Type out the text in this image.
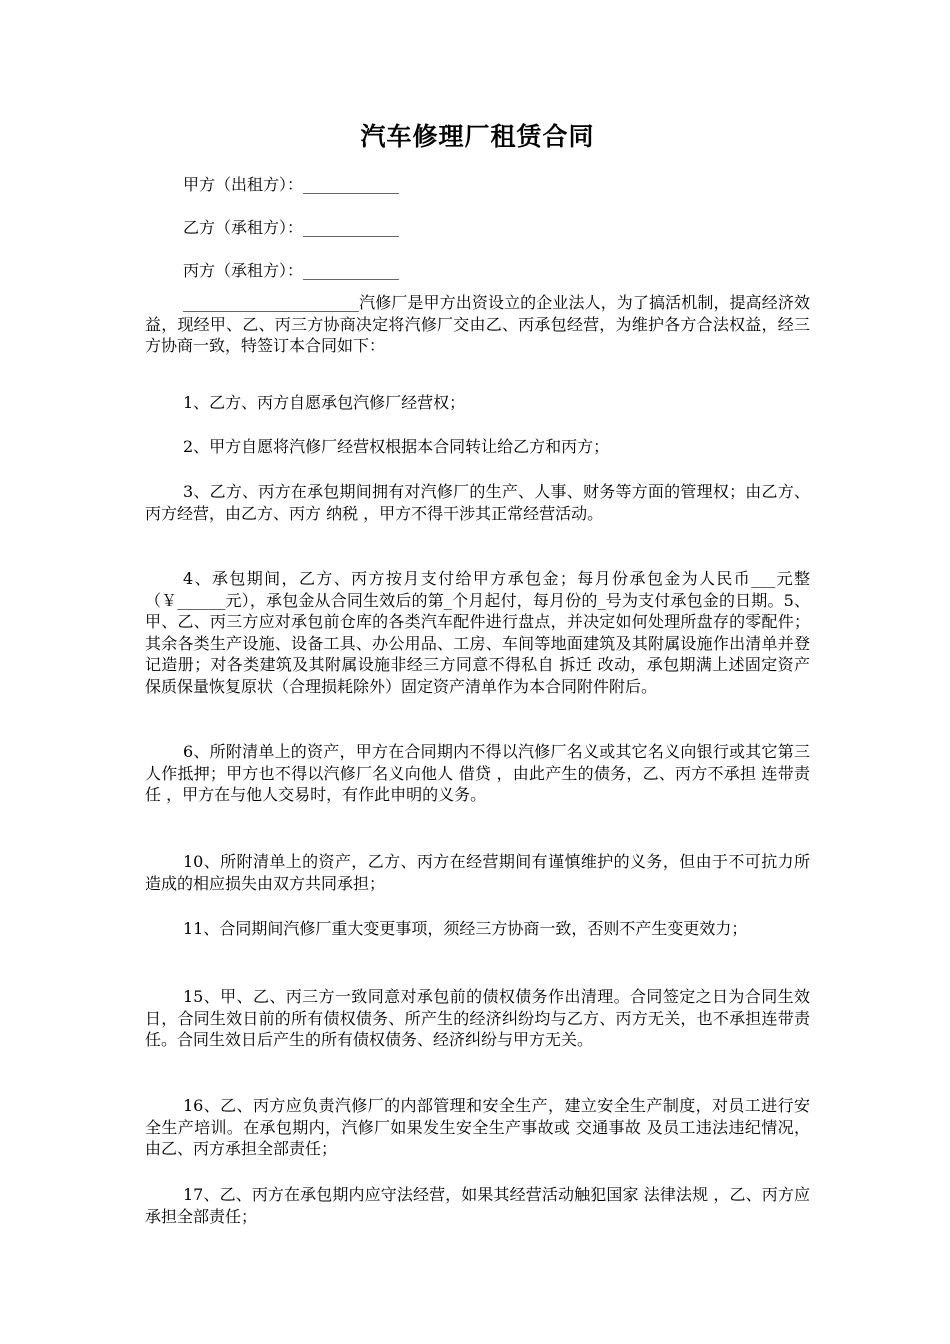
汽车修理厂租赁合同
甲方（出租方）：____________
乙方（承租方）：____________
丙方（承租方）：____________

______________________汽修厂是甲方出资设立的企业法人，为了搞活机制，提高经济效益，现经甲、乙、丙三方协商决定将汽修厂交由乙、丙承包经营，为维护各方合法权益，经三方协商一致，特签订本合同如下：

1、乙方、丙方自愿承包汽修厂经营权；

2、甲方自愿将汽修厂经营权根据本合同转让给乙方和丙方；

3、乙方、丙方在承包期间拥有对汽修厂的生产、人事、财务等方面的管理权；由乙方、丙方经营，由乙方、丙方 纳税 ，甲方不得干涉其正常经营活动。

4、承包期间，乙方、丙方按月支付给甲方承包金；每月份承包金为人民币___元整（￥______元），承包金从合同生效后的第_个月起付，每月份的_号为支付承包金的日期。5、甲、乙、丙三方应对承包前仓库的各类汽车配件进行盘点，并决定如何处理所盘存的零配件；其余各类生产设施、设备工具、办公用品、工房、车间等地面建筑及其附属设施作出清单并登记造册；对各类建筑及其附属设施非经三方同意不得私自 拆迁 改动，承包期满上述固定资产保质保量恢复原状（合理损耗除外）固定资产清单作为本合同附件附后。

6、所附清单上的资产，甲方在合同期内不得以汽修厂名义或其它名义向银行或其它第三人作抵押；甲方也不得以汽修厂名义向他人 借贷 ，由此产生的债务，乙、丙方不承担 连带责任 ，甲方在与他人交易时，有作此申明的义务。

10、所附清单上的资产，乙方、丙方在经营期间有谨慎维护的义务，但由于不可抗力所造成的相应损失由双方共同承担；

11、合同期间汽修厂重大变更事项，须经三方协商一致，否则不产生变更效力；

15、甲、乙、丙三方一致同意对承包前的债权债务作出清理。合同签定之日为合同生效日，合同生效日前的所有债权债务、所产生的经济纠纷均与乙方、丙方无关，也不承担连带责任。合同生效日后产生的所有债权债务、经济纠纷与甲方无关。

16、乙、丙方应负责汽修厂的内部管理和安全生产，建立安全生产制度，对员工进行安全生产培训。在承包期内，汽修厂如果发生安全生产事故或 交通事故 及员工违法违纪情况，由乙、丙方承担全部责任；

17、乙、丙方在承包期内应守法经营，如果其经营活动触犯国家 法律法规 ，乙、丙方应承担全部责任；
